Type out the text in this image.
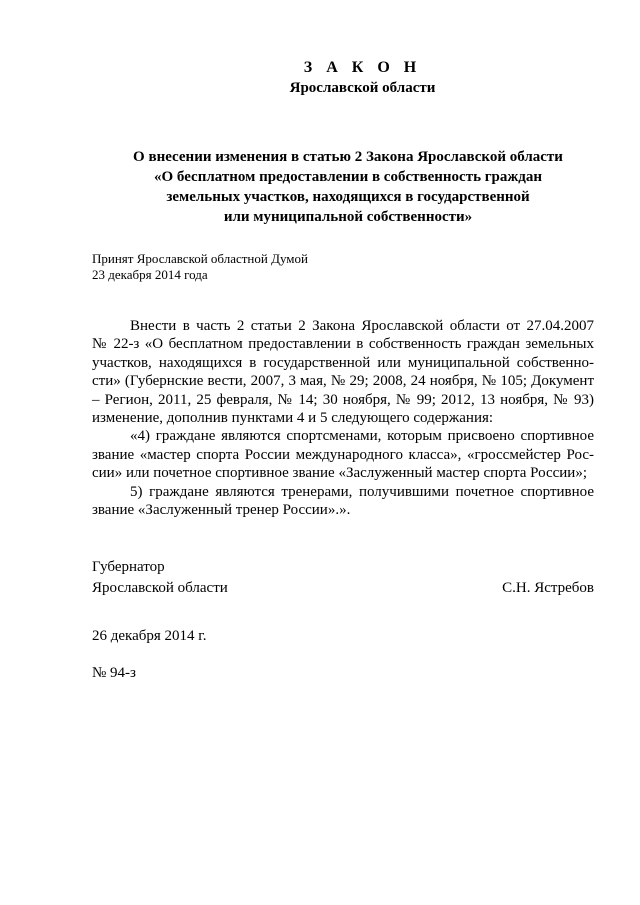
З А К О Н
Ярославской области
О внесении изменения в статью 2 Закона Ярославской области
«О бесплатном предоставлении в собственность граждан
земельных участков, находящихся в государственной
или муниципальной собственности»
Принят Ярославской областной Думой
23 декабря 2014 года

Внести в часть 2 статьи 2 Закона Ярославской области от 27.04.2007
№ 22-з «О бесплатном предоставлении в собственность граждан земельных
участков, находящихся в государственной или муниципальной собственно-
сти» (Губернские вести, 2007, 3 мая, № 29; 2008, 24 ноября, № 105; Документ
– Регион, 2011, 25 февраля, № 14; 30 ноября, № 99; 2012, 13 ноября, № 93)
изменение, дополнив пунктами 4 и 5 следующего содержания:

«4) граждане являются спортсменами, которым присвоено спортивное
звание «мастер спорта России международного класса», «гроссмейстер Рос-
сии» или почетное спортивное звание «Заслуженный мастер спорта России»;

5) граждане являются тренерами, получившими почетное спортивное
звание «Заслуженный тренер России».».

Губернатор
Ярославской области	С.Н. Ястребов
26 декабря 2014 г.
№ 94-з
